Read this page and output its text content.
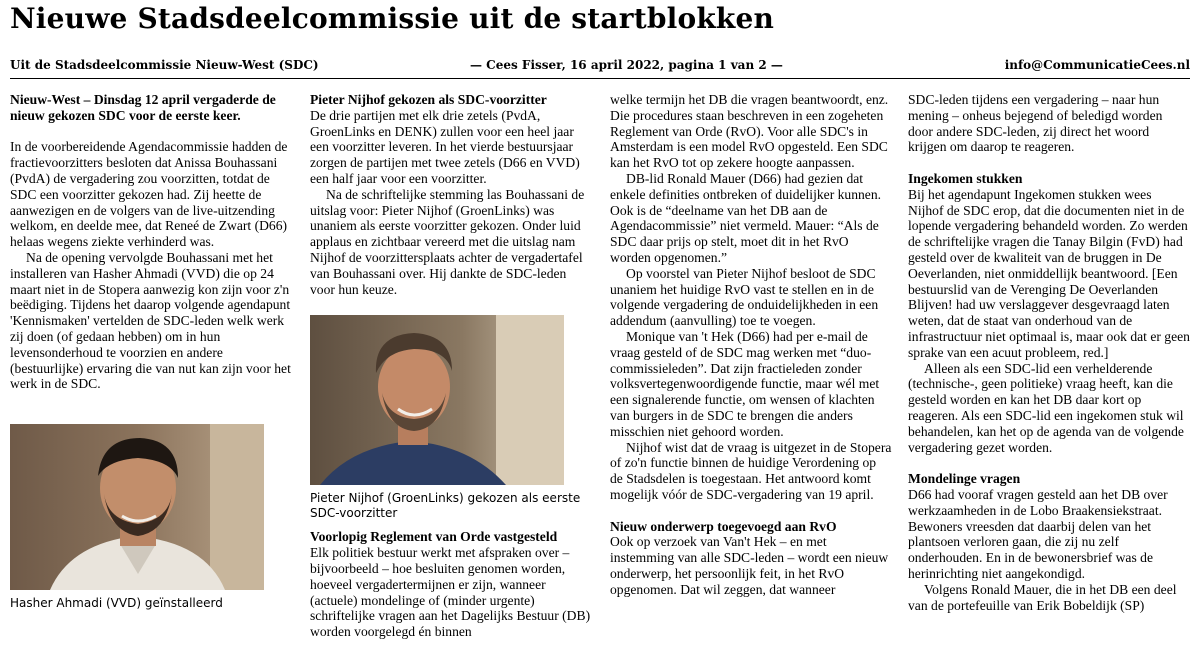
Nieuwe Stadsdeelcommissie uit de startblokken
Uit de Stadsdeelcommissie Nieuw-West (SDC)	— Cees Fisser, 16 april 2022, pagina 1 van 2 —	info@CommunicatieCees.nl

Nieuw-West – Dinsdag 12 april vergaderde de nieuw gekozen SDC voor de eerste keer.

In de voorbereidende Agendacommissie hadden de fractievoorzitters besloten dat Anissa Bouhassani (PvdA) de vergadering zou voorzitten, totdat de SDC een voorzitter gekozen had. Zij heette de aanwezigen en de volgers van de live-uitzending welkom, en deelde mee, dat Reneé de Zwart (D66) helaas wegens ziekte verhinderd was.

Na de opening vervolgde Bouhassani met het installeren van Hasher Ahmadi (VVD) die op 24 maart niet in de Stopera aanwezig kon zijn voor z'n beëdiging. Tijdens het daarop volgende agendapunt 'Kennismaken' vertelden de SDC-leden welk werk zij doen (of gedaan hebben) om in hun levensonderhoud te voorzien en andere (bestuurlijke) ervaring die van nut kan zijn voor het werk in de SDC.

Hasher Ahmadi (VVD) geïnstalleerd
Pieter Nijhof gekozen als SDC-voorzitter

De drie partijen met elk drie zetels (PvdA, GroenLinks en DENK) zullen voor een heel jaar een voorzitter leveren. In het vierde bestuursjaar zorgen de partijen met twee zetels (D66 en VVD) een half jaar voor een voorzitter.

Na de schriftelijke stemming las Bouhassani de uitslag voor: Pieter Nijhof (GroenLinks) was unaniem als eerste voorzitter gekozen. Onder luid applaus en zichtbaar vereerd met die uitslag nam Nijhof de voorzittersplaats achter de vergadertafel van Bouhassani over. Hij dankte de SDC-leden voor hun keuze.

Pieter Nijhof (GroenLinks) gekozen als eerste SDC-voorzitter
Voorlopig Reglement van Orde vastgesteld

Elk politiek bestuur werkt met afspraken over – bijvoorbeeld – hoe besluiten genomen worden, hoeveel vergadertermijnen er zijn, wanneer (actuele) mondelinge of (minder urgente) schriftelijke vragen aan het Dagelijks Bestuur (DB) worden voorgelegd én binnen

welke termijn het DB die vragen beantwoordt, enz. Die procedures staan beschreven in een zogeheten Reglement van Orde (RvO). Voor alle SDC's in Amsterdam is een model RvO opgesteld. Een SDC kan het RvO tot op zekere hoogte aanpassen.

DB-lid Ronald Mauer (D66) had gezien dat enkele definities ontbreken of duidelijker kunnen. Ook is de “deelname van het DB aan de Agendacommissie” niet vermeld. Mauer: “Als de SDC daar prijs op stelt, moet dit in het RvO worden opgenomen.”

Op voorstel van Pieter Nijhof besloot de SDC unaniem het huidige RvO vast te stellen en in de volgende vergadering de onduidelijkheden in een addendum (aanvulling) toe te voegen.

Monique van 't Hek (D66) had per e-mail de vraag gesteld of de SDC mag werken met “duo-commissieleden”. Dat zijn fractieleden zonder volksvertegenwoordigende functie, maar wél met een signalerende functie, om wensen of klachten van burgers in de SDC te brengen die anders misschien niet gehoord worden.

Nijhof wist dat de vraag is uitgezet in de Stopera of zo'n functie binnen de huidige Verordening op de Stadsdelen is toegestaan. Het antwoord komt mogelijk vóór de SDC-vergadering van 19 april.

Nieuw onderwerp toegevoegd aan RvO

Ook op verzoek van Van't Hek – en met instemming van alle SDC-leden – wordt een nieuw onderwerp, het persoonlijk feit, in het RvO opgenomen. Dat wil zeggen, dat wanneer

SDC-leden tijdens een vergadering – naar hun mening – onheus bejegend of beledigd worden door andere SDC-leden, zij direct het woord krijgen om daarop te reageren.

Ingekomen stukken

Bij het agendapunt Ingekomen stukken wees Nijhof de SDC erop, dat die documenten niet in de lopende vergadering behandeld worden. Zo werden de schriftelijke vragen die Tanay Bilgin (FvD) had gesteld over de kwaliteit van de bruggen in De Oeverlanden, niet onmiddellijk beantwoord. [Een bestuurslid van de Verenging De Oeverlanden Blijven! had uw verslaggever desgevraagd laten weten, dat de staat van onderhoud van de infrastructuur niet optimaal is, maar ook dat er geen sprake van een acuut probleem, red.]

Alleen als een SDC-lid een verhelderende (technische-, geen politieke) vraag heeft, kan die gesteld worden en kan het DB daar kort op reageren. Als een SDC-lid een ingekomen stuk wil behandelen, kan het op de agenda van de volgende vergadering gezet worden.

Mondelinge vragen

D66 had vooraf vragen gesteld aan het DB over werkzaamheden in de Lobo Braakensiekstraat. Bewoners vreesden dat daarbij delen van het plantsoen verloren gaan, die zij nu zelf onderhouden. En in de bewonersbrief was de herinrichting niet aangekondigd.

Volgens Ronald Mauer, die in het DB een deel van de portefeuille van Erik Bobeldijk (SP)
